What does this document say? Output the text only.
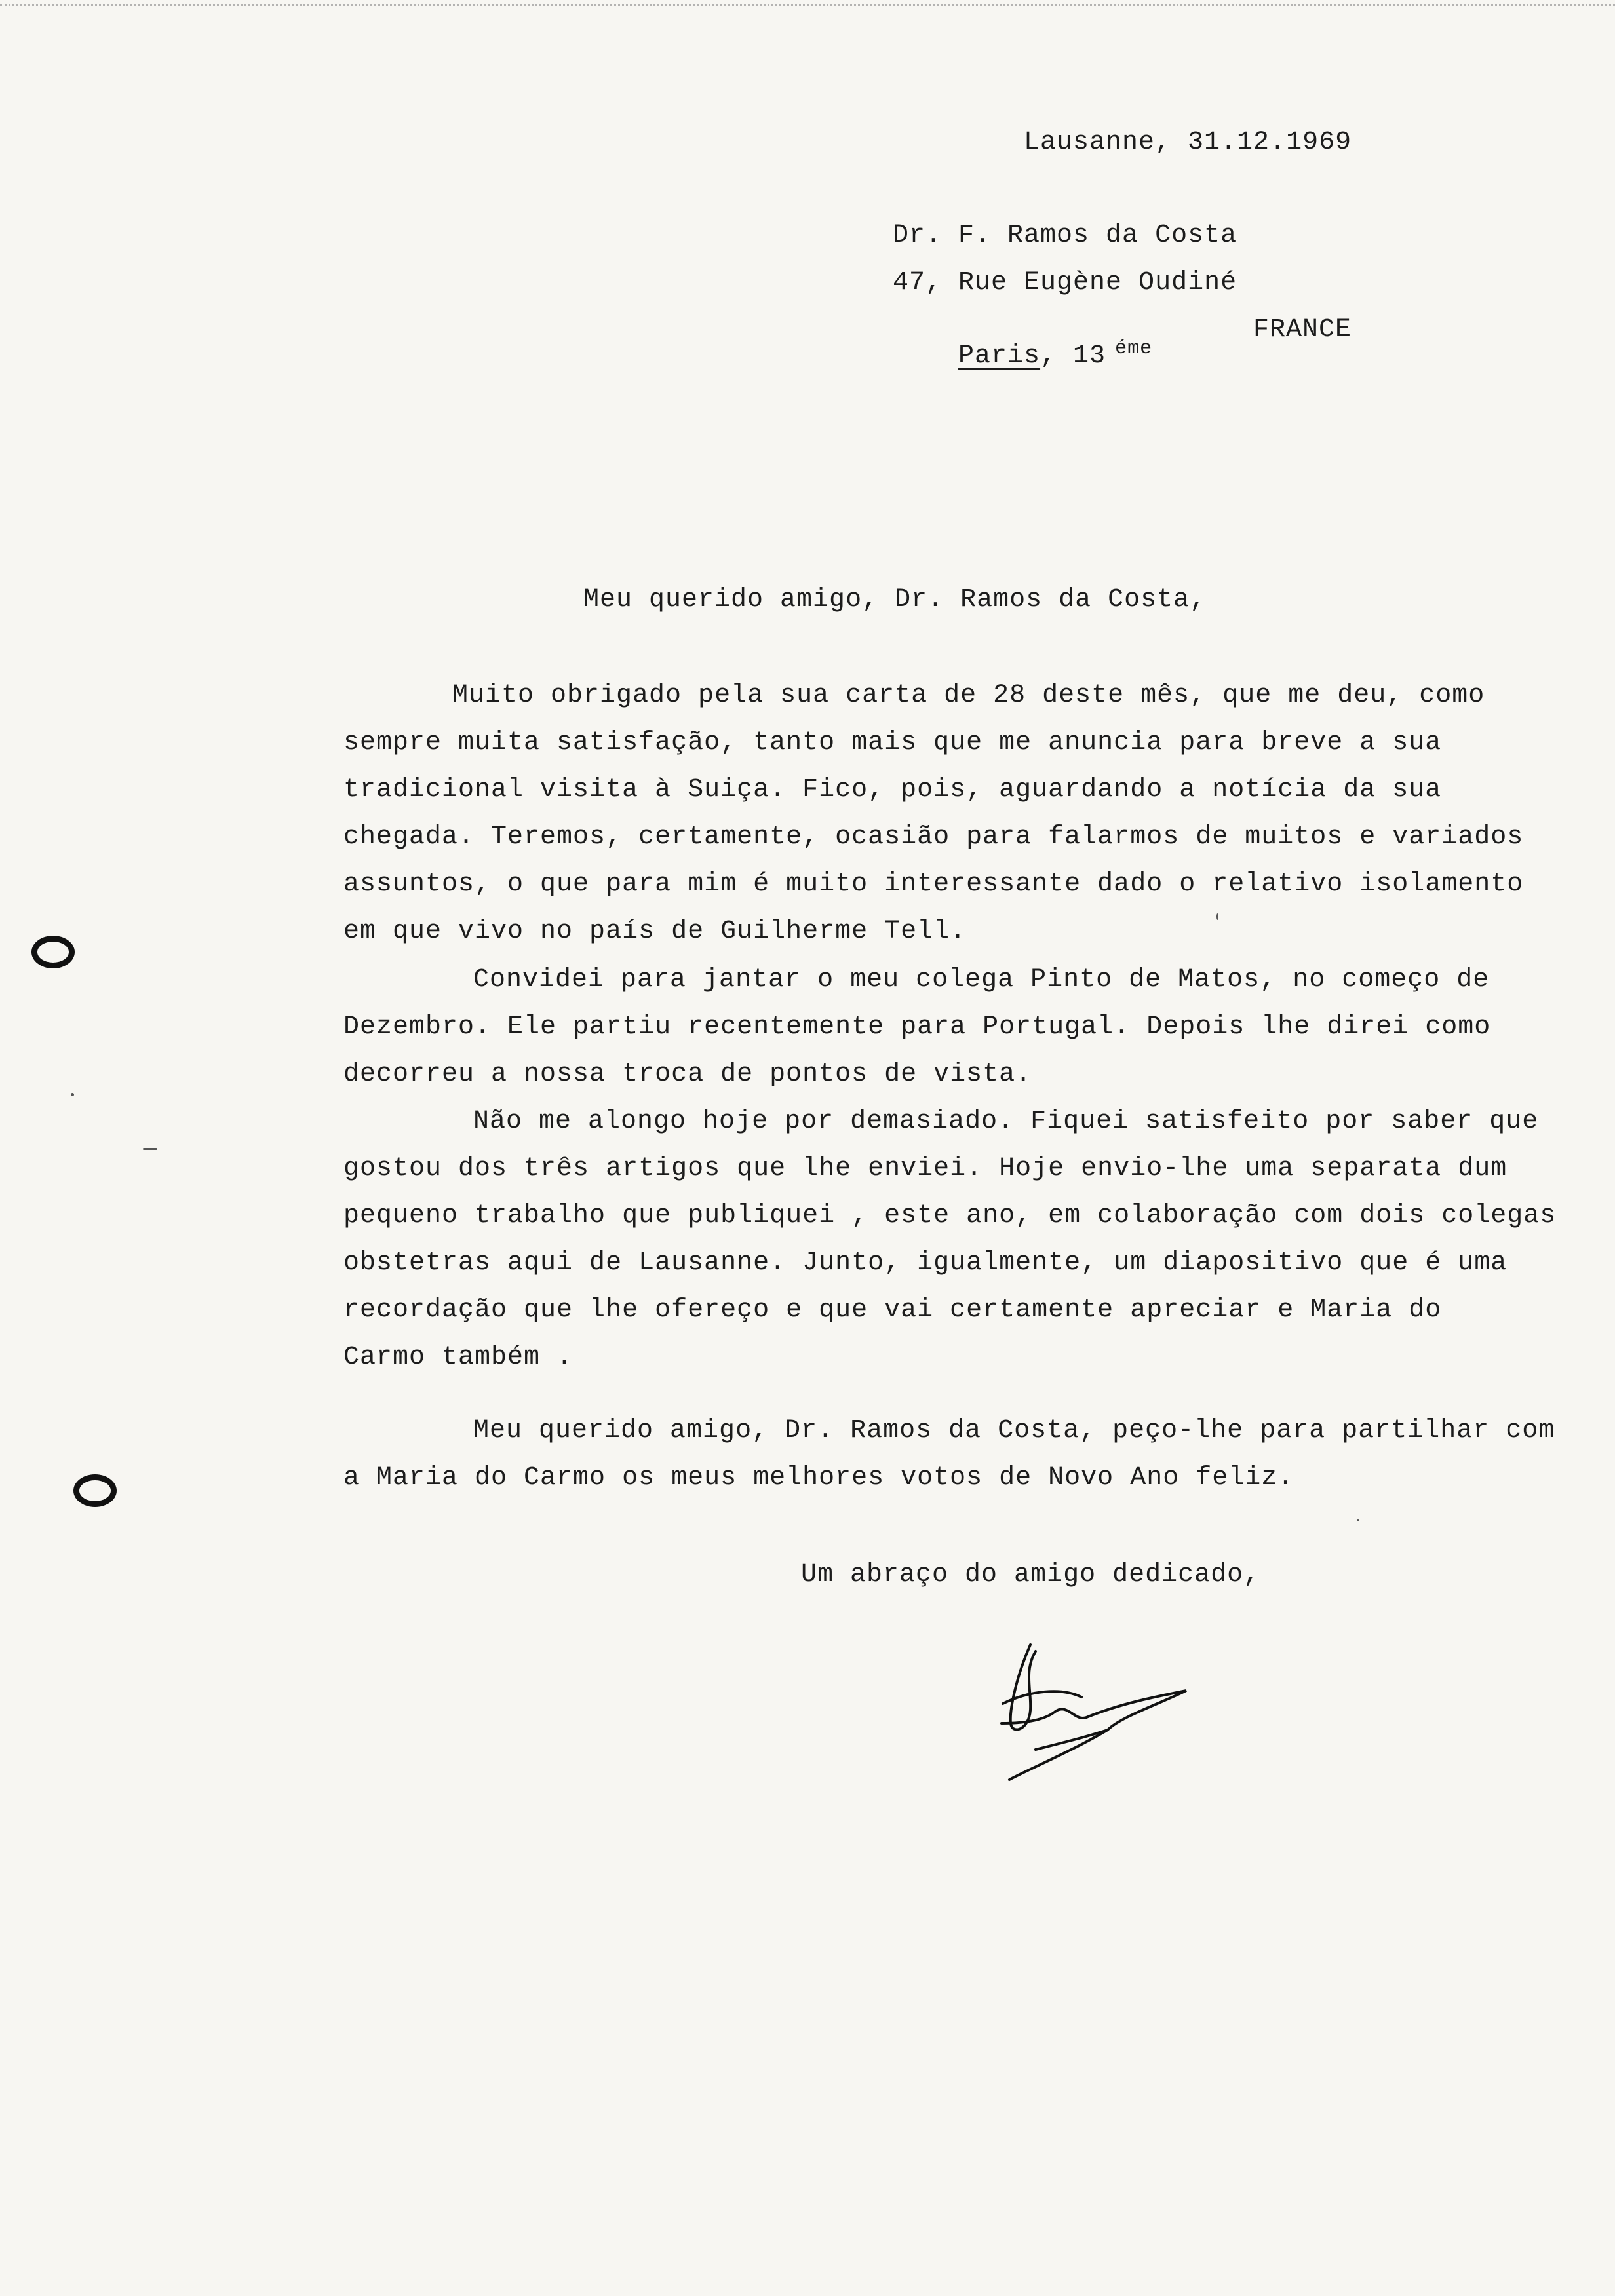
Lausanne, 31.12.1969
Dr. F. Ramos da Costa
47, Rue Eugène Oudiné

Paris, 13 $^{éme}$

FRANCE
Meu querido amigo, Dr. Ramos da Costa,
Muito obrigado pela sua carta de 28 deste mês, que me deu, como
sempre muita satisfação, tanto mais que me anuncia para breve a sua
tradicional visita à Suiça. Fico, pois, aguardando a notícia da sua
chegada. Teremos, certamente, ocasião para falarmos de muitos e variados
assuntos, o que para mim é muito interessante dado o relativo isolamento
em que vivo no país de Guilherme Tell.
Convidei para jantar o meu colega Pinto de Matos, no começo de
Dezembro. Ele partiu recentemente para Portugal. Depois lhe direi como
decorreu a nossa troca de pontos de vista.
Não me alongo hoje por demasiado. Fiquei satisfeito por saber que
gostou dos três artigos que lhe enviei. Hoje envio-lhe uma separata dum
pequeno trabalho que publiquei , este ano, em colaboração com dois colegas
obstetras aqui de Lausanne. Junto, igualmente, um diapositivo que é uma
recordação que lhe ofereço e que vai certamente apreciar e Maria do
Carmo também .
Meu querido amigo, Dr. Ramos da Costa, peço-lhe para partilhar com
a Maria do Carmo os meus melhores votos de Novo Ano feliz.
Um abraço do amigo dedicado,
